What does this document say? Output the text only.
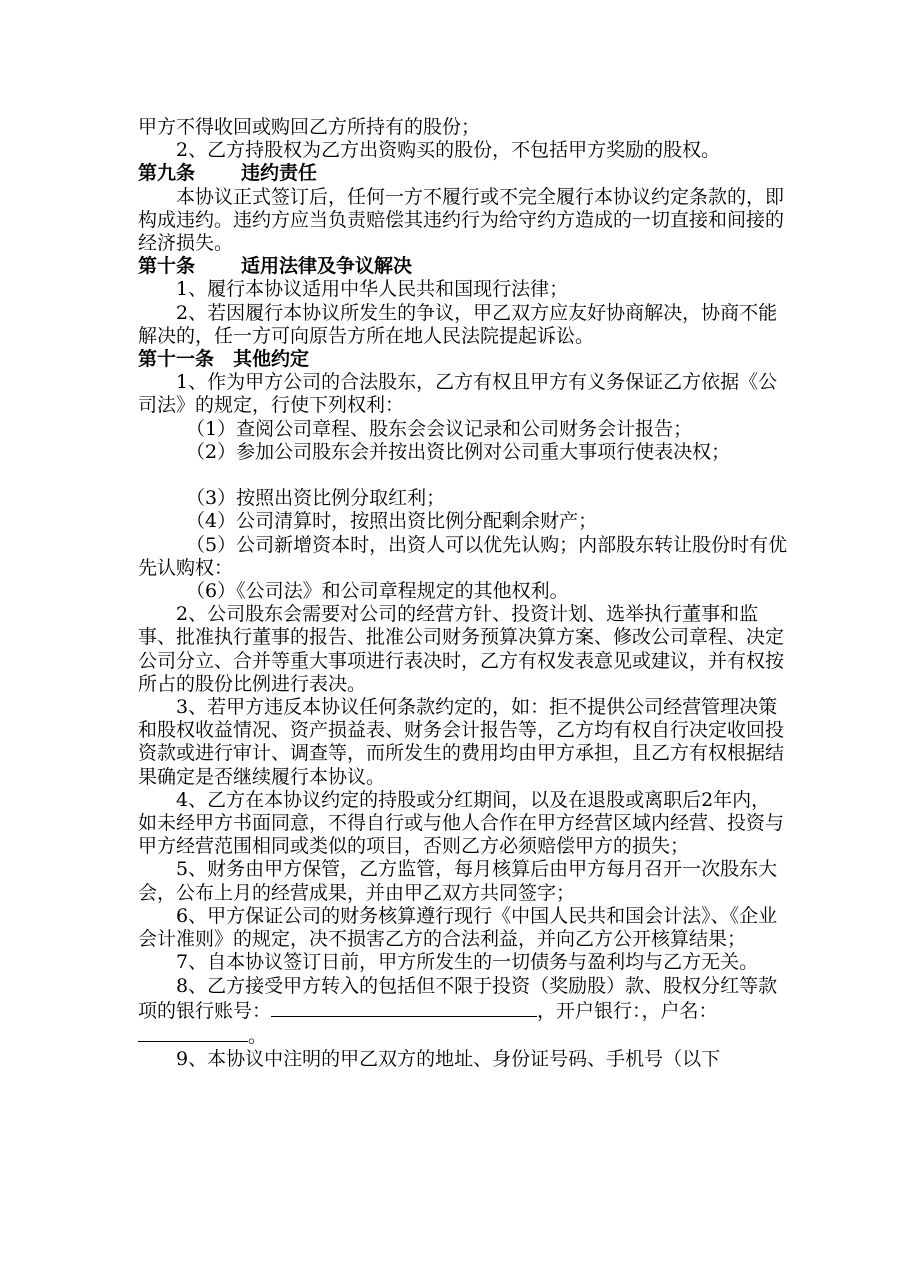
甲方不得收回或购回乙方所持有的股份；

2、乙方持股权为乙方出资购买的股份，不包括甲方奖励的股权。

第九条 违约责任

本协议正式签订后，任何一方不履行或不完全履行本协议约定条款的，即构成违约。违约方应当负责赔偿其违约行为给守约方造成的一切直接和间接的经济损失。

第十条 适用法律及争议解决

1、履行本协议适用中华人民共和国现行法律；

2、若因履行本协议所发生的争议，甲乙双方应友好协商解决，协商不能解决的，任一方可向原告方所在地人民法院提起诉讼。

第十一条 其他约定

1、作为甲方公司的合法股东，乙方有权且甲方有义务保证乙方依据《公司法》的规定，行使下列权利：

（1）查阅公司章程、股东会会议记录和公司财务会计报告；

（2）参加公司股东会并按出资比例对公司重大事项行使表决权；

（3）按照出资比例分取红利；

（4）公司清算时，按照出资比例分配剩余财产；

（5）公司新增资本时，出资人可以优先认购；内部股东转让股份时有优先认购权：

（6）《公司法》和公司章程规定的其他权利。

2、公司股东会需要对公司的经营方针、投资计划、选举执行董事和监事、批准执行董事的报告、批准公司财务预算决算方案、修改公司章程、决定公司分立、合并等重大事项进行表决时，乙方有权发表意见或建议，并有权按所占的股份比例进行表决。

3、若甲方违反本协议任何条款约定的，如：拒不提供公司经营管理决策和股权收益情况、资产损益表、财务会计报告等，乙方均有权自行决定收回投资款或进行审计、调查等，而所发生的费用均由甲方承担，且乙方有权根据结果确定是否继续履行本协议。

4、乙方在本协议约定的持股或分红期间，以及在退股或离职后2年内，如未经甲方书面同意，不得自行或与他人合作在甲方经营区域内经营、投资与甲方经营范围相同或类似的项目，否则乙方必须赔偿甲方的损失；

5、财务由甲方保管，乙方监管，每月核算后由甲方每月召开一次股东大会，公布上月的经营成果，并由甲乙双方共同签字；

6、甲方保证公司的财务核算遵行现行《中国人民共和国会计法》、《企业会计准则》的规定，决不损害乙方的合法利益，并向乙方公开核算结果；

7、自本协议签订日前，甲方所发生的一切债务与盈利均与乙方无关。

8、乙方接受甲方转入的包括但不限于投资（奖励股）款、股权分红等款项的银行账号：	，开户银行：，户名：。

9、本协议中注明的甲乙双方的地址、身份证号码、手机号（以下
